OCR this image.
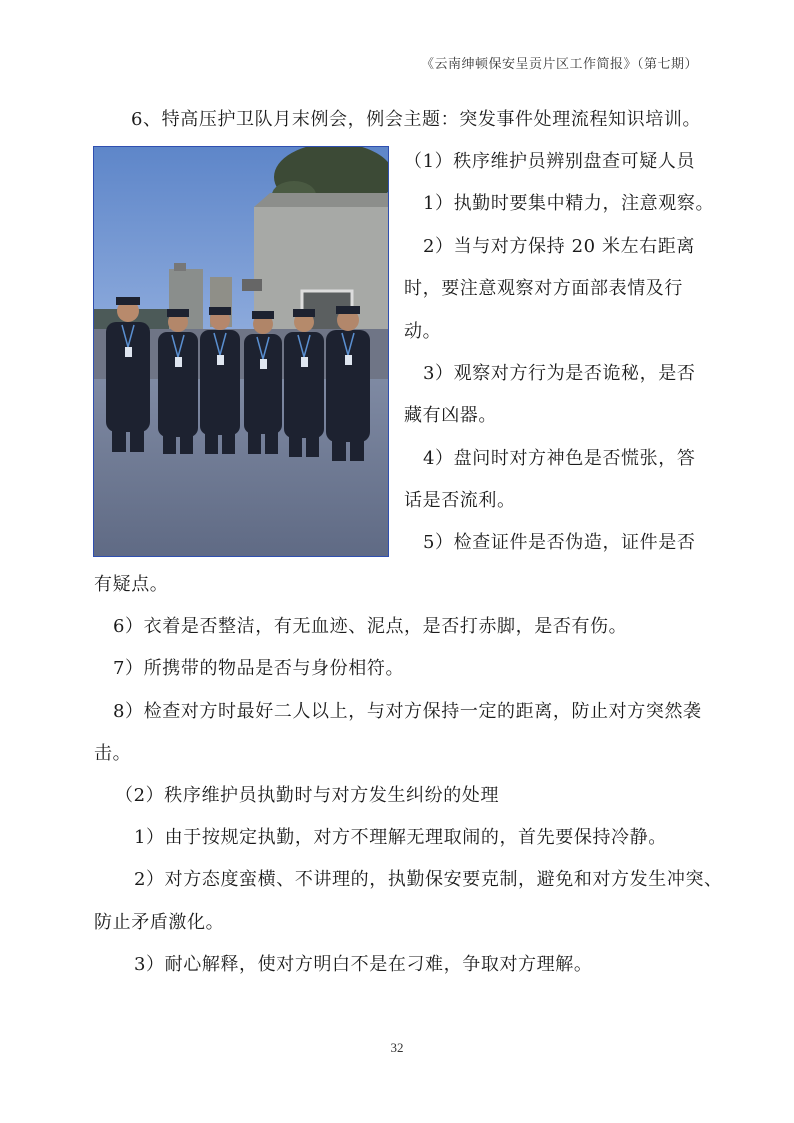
《云南绅顿保安呈贡片区工作简报》（第七期）
6、特高压护卫队月末例会，例会主题：突发事件处理流程知识培训。
（1）秩序维护员辨别盘查可疑人员
1）执勤时要集中精力，注意观察。
2）当与对方保持 20 米左右距离
时，要注意观察对方面部表情及行
动。
3）观察对方行为是否诡秘，是否
藏有凶器。
4）盘问时对方神色是否慌张，答
话是否流利。
5）检查证件是否伪造，证件是否
有疑点。
6）衣着是否整洁，有无血迹、泥点，是否打赤脚，是否有伤。
7）所携带的物品是否与身份相符。
8）检查对方时最好二人以上，与对方保持一定的距离，防止对方突然袭
击。
（2）秩序维护员执勤时与对方发生纠纷的处理
1）由于按规定执勤，对方不理解无理取闹的，首先要保持冷静。
2）对方态度蛮横、不讲理的，执勤保安要克制，避免和对方发生冲突、
防止矛盾激化。
3）耐心解释，使对方明白不是在刁难，争取对方理解。
32
